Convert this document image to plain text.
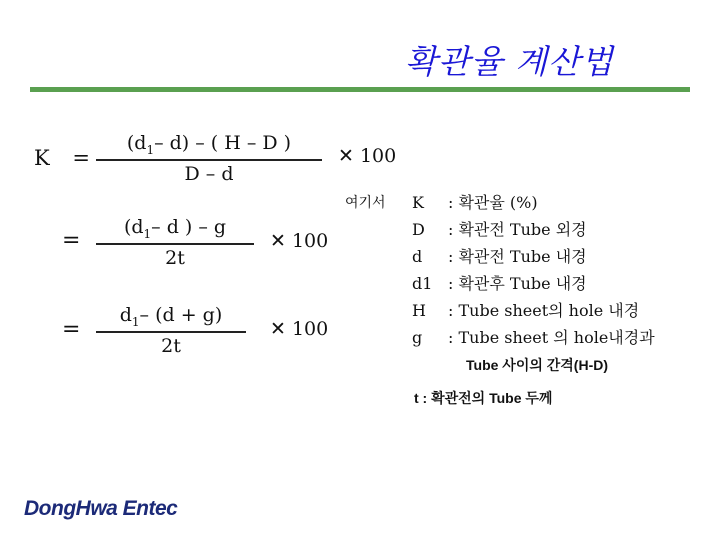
확관율 계산법
K =
($d_1-$ d) – ( H – D )
D – d
✕ 100
=
($d_1-$ d ) – g
2t
✕ 100
=
$d_1-$ (d + g)
2t
✕ 100
여기서 K : 확관율 (%)
D : 확관전 Tube 외경
d : 확관전 Tube 내경
d1 : 확관후 Tube 내경
H : Tube sheet의 hole 내경
g : Tube sheet 의 hole내경과
Tube 사이의 간격(H-D)
t : 확관전의 Tube 두께
DongHwa Entec
